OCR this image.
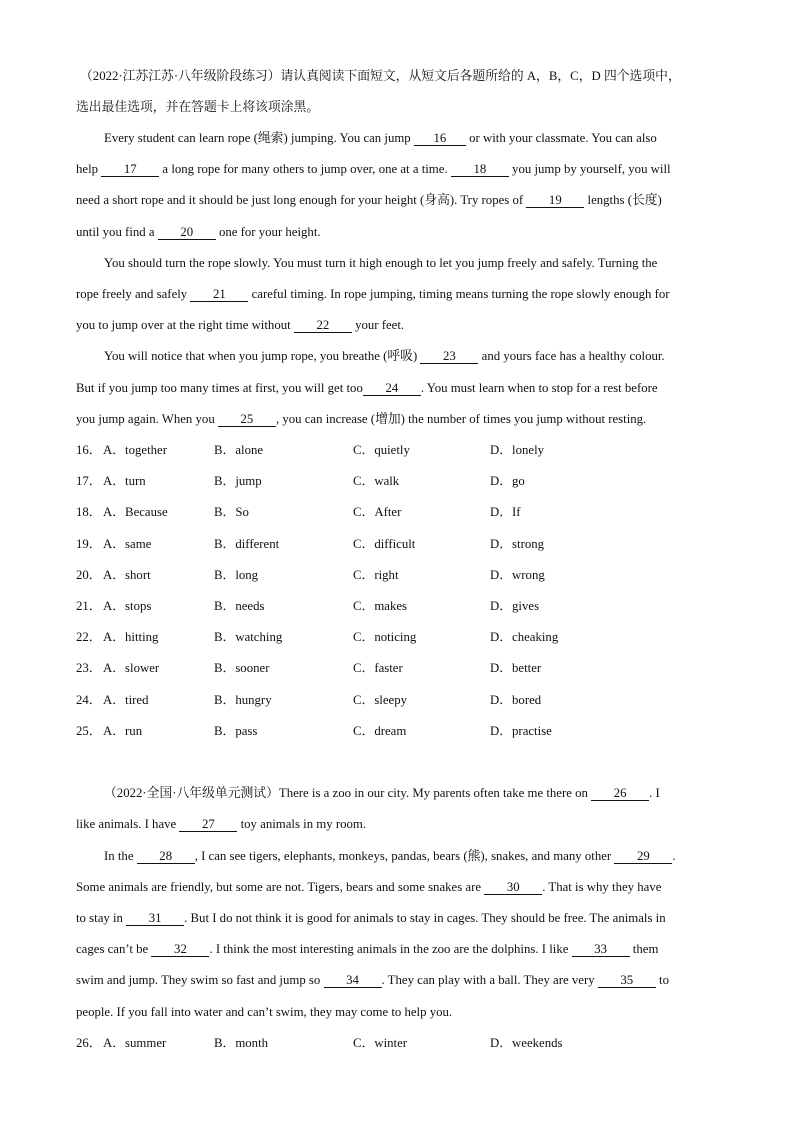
（2022·江苏江苏·八年级阶段练习）请认真阅读下面短文，从短文后各题所给的 A，B，C，D 四个选项中，
选出最佳选项，并在答题卡上将该项涂黑。
Every student can learn rope (绳索) jumping. You can jump 16 or with your classmate. You can also
help 17 a long rope for many others to jump over, one at a time. 18 you jump by yourself, you will
need a short rope and it should be just long enough for your height (身高). Try ropes of 19 lengths (长度)
until you find a 20 one for your height.
You should turn the rope slowly. You must turn it high enough to let you jump freely and safely. Turning the
rope freely and safely 21 careful timing. In rope jumping, timing means turning the rope slowly enough for
you to jump over at the right time without 22 your feet.
You will notice that when you jump rope, you breathe (呼吸) 23 and yours face has a healthy colour.
But if you jump too many times at first, you will get too 24 . You must learn when to stop for a rest before
you jump again. When you 25 , you can increase (增加) the number of times you jump without resting.
16． A．together	B．alone	C．quietly	D．lonely
17． A．turn	B．jump	C．walk	D．go
18． A．Because	B．So	C．After	D．If
19． A．same	B．different	C．difficult	D．strong
20． A．short	B．long	C．right	D．wrong
21． A．stops	B．needs	C．makes	D．gives
22． A．hitting	B．watching	C．noticing	D．cheaking
23． A．slower	B．sooner	C．faster	D．better
24． A．tired	B．hungry	C．sleepy	D．bored
25． A．run	B．pass	C．dream	D．practise
（2022·全国·八年级单元测试）There is a zoo in our city. My parents often take me there on 26 . I
like animals. I have 27 toy animals in my room.
In the 28 , I can see tigers, elephants, monkeys, pandas, bears (熊), snakes, and many other 29 .
Some animals are friendly, but some are not. Tigers, bears and some snakes are 30 . That is why they have
to stay in 31 . But I do not think it is good for animals to stay in cages. They should be free. The animals in
cages can’t be 32 . I think the most interesting animals in the zoo are the dolphins. I like 33 them
swim and jump. They swim so fast and jump so 34 . They can play with a ball. They are very 35 to
people. If you fall into water and can’t swim, they may come to help you.
26． A．summer	B．month	C．winter	D．weekends
